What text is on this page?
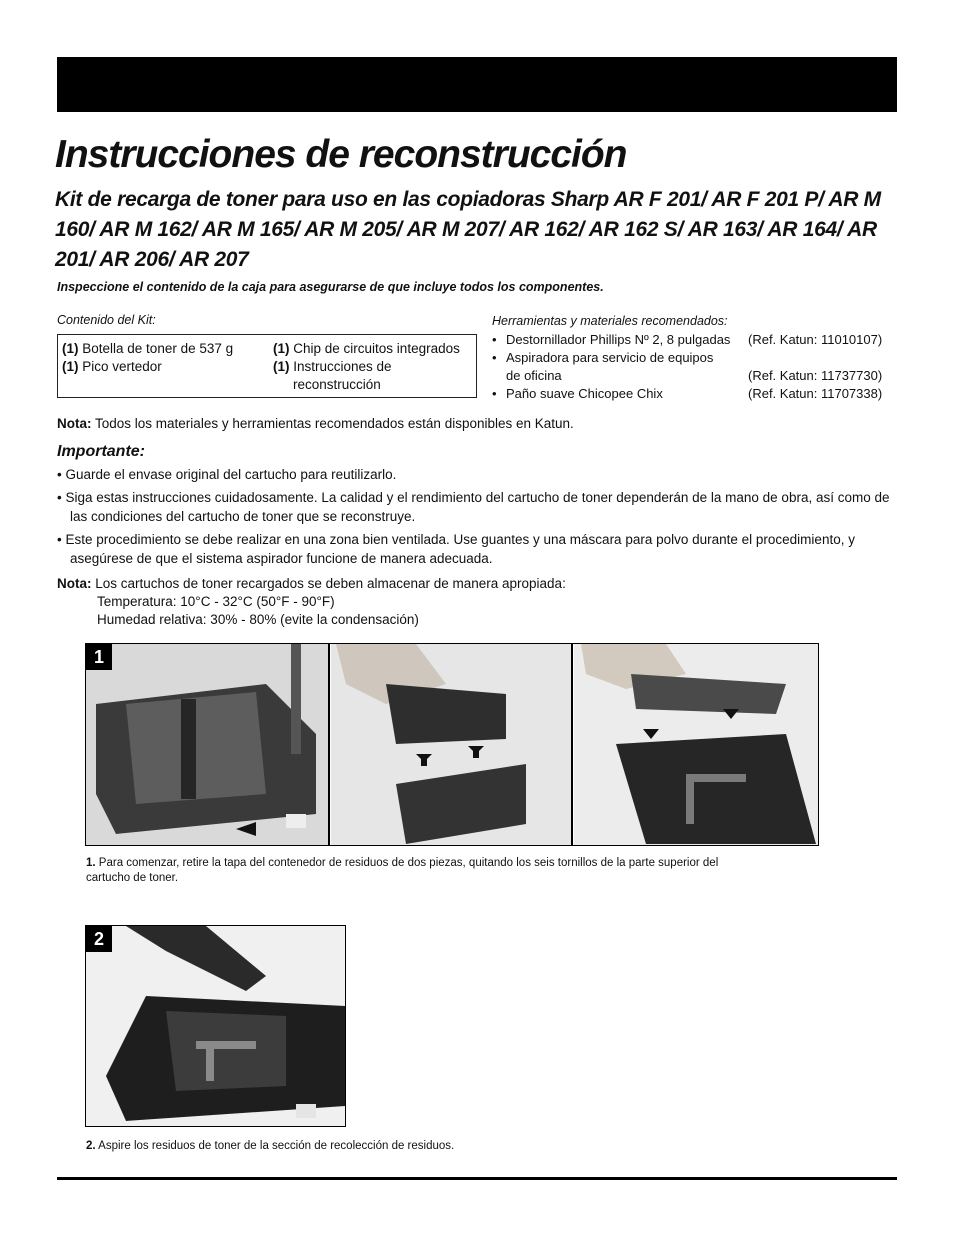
Instrucciones de reconstrucción
Kit de recarga de toner para uso en las copiadoras Sharp AR F 201/ AR F 201 P/ AR M 160/ AR M 162/ AR M 165/ AR M 205/ AR M 207/ AR 162/ AR 162 S/ AR 163/ AR 164/ AR 201/ AR 206/ AR 207
Inspeccione el contenido de la caja para asegurarse de que incluye todos los componentes.
Contenido del Kit:
(1) Botella de toner de 537 g
(1) Pico vertedor
(1) Chip de circuitos integrados
(1) Instrucciones de
reconstrucción
Herramientas y materiales recomendados:
• Destornillador Phillips Nº 2, 8 pulgadas (Ref. Katun: 11010107)
• Aspiradora para servicio de equipos
de oficina	(Ref. Katun: 11737730)
• Paño suave Chicopee Chix	(Ref. Katun: 11707338)
Nota: Todos los materiales y herramientas recomendados están disponibles en Katun.
Importante:
• Guarde el envase original del cartucho para reutilizarlo.
• Siga estas instrucciones cuidadosamente. La calidad y el rendimiento del cartucho de toner dependerán de la mano de obra, así como de las condiciones del cartucho de toner que se reconstruye.
• Este procedimiento se debe realizar en una zona bien ventilada. Use guantes y una máscara para polvo durante el procedimiento, y asegúrese de que el sistema aspirador funcione de manera adecuada.
Nota: Los cartuchos de toner recargados se deben almacenar de manera apropiada:
Temperatura: 10°C - 32°C (50°F - 90°F)
Humedad relativa: 30% - 80% (evite la condensación)
1
1. Para comenzar, retire la tapa del contenedor de residuos de dos piezas, quitando los seis tornillos de la parte superior del cartucho de toner.
2
2. Aspire los residuos de toner de la sección de recolección de residuos.
